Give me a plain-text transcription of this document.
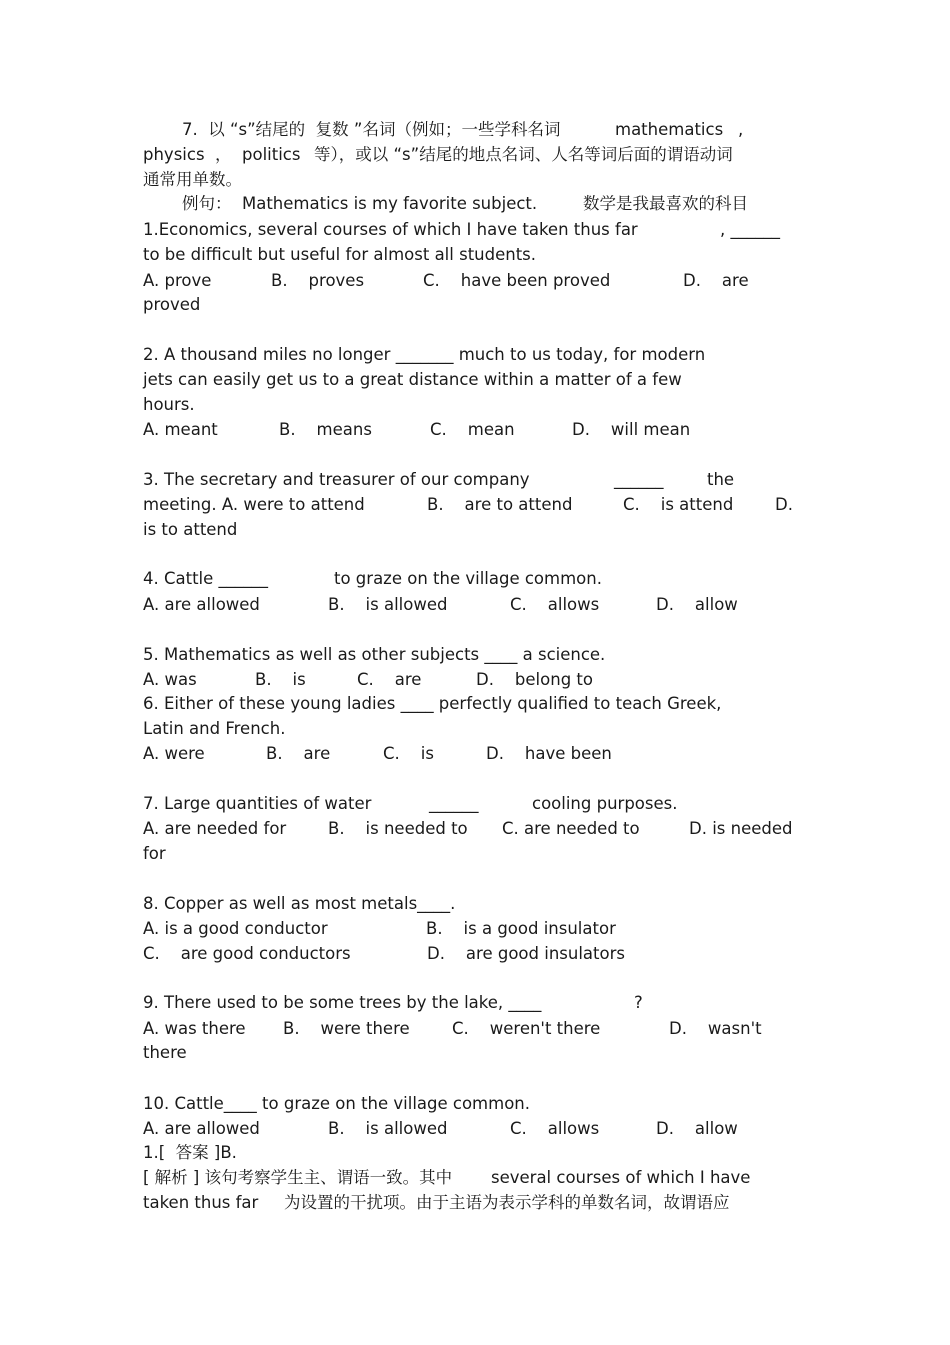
7.  以 “s”结尾的  复数 ”名词（例如；一些学科名词	mathematics ,
physics  ， politics 等），或以 “s”结尾的地点名词、人名等词后面的谓语动词
通常用单数。
例句：  Mathematics is my favorite subject.	数学是我最喜欢的科目
1.Economics, several courses of which I have taken thus far	, ______
to be difficult but useful for almost all students.
A. prove	B.    proves	C.    have been proved	D.    are
proved
2. A thousand miles no longer _______ much to us today, for modern
jets can easily get us to a great distance within a matter of a few
hours.
A. meant	B.    means	C.    mean	D.    will mean
3. The secretary and treasurer of our company	______	the
meeting. A. were to attend	B.    are to attend	C.    is attend	D.
is to attend
4. Cattle ______	to graze on the village common.
A. are allowed	B.    is allowed	C.    allows	D.    allow
5. Mathematics as well as other subjects ____ a science.
A. was	B.    is	C.    are	D.    belong to
6. Either of these young ladies ____ perfectly qualified to teach Greek,
Latin and French.
A. were	B.    are	C.    is	D.    have been
7. Large quantities of water	______	cooling purposes.
A. are needed for	B.    is needed to C. are needed to	D. is needed
for
8. Copper as well as most metals____.
A. is a good conductor	B.    is a good insulator
C.    are good conductors	D.    are good insulators
9. There used to be some trees by the lake, ____	?
A. was there B.    were there	C.    weren't there	D.    wasn't
there
10. Cattle____ to graze on the village common.
A. are allowed	B.    is allowed	C.    allows	D.    allow
1.[  答案 ]B.
[ 解析 ] 该句考察学生主、谓语一致。其中 several courses of which I have
taken thus far 为设置的干扰项。由于主语为表示学科的单数名词，故谓语应
